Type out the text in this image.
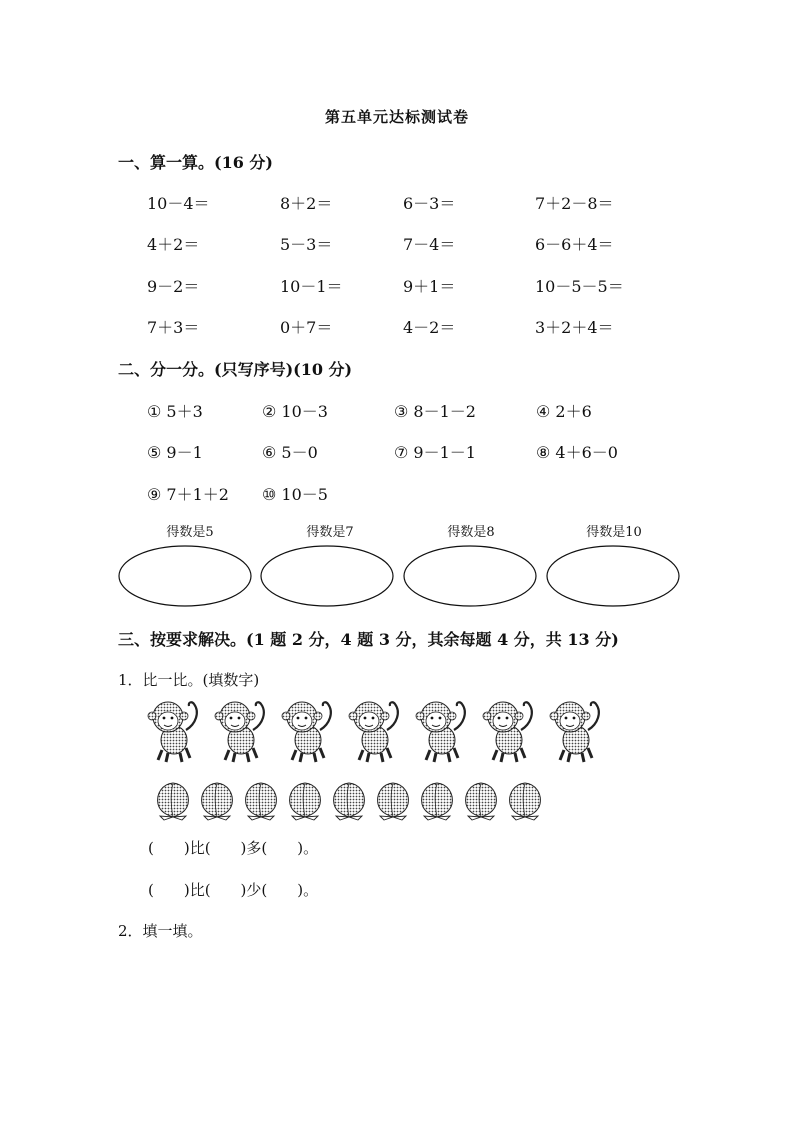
第五单元达标测试卷
一、算一算。(16 分)
10－4＝	8＋2＝	6－3＝	7＋2－8＝
4＋2＝	5－3＝	7－4＝	6－6＋4＝
9－2＝	10－1＝	9＋1＝	10－5－5＝
7＋3＝	0＋7＝	4－2＝	3＋2＋4＝
二、分一分。(只写序号)(10 分)
① 5＋3	② 10－3	③ 8－1－2	④ 2＋6
⑤ 9－1	⑥ 5－0	⑦ 9－1－1	⑧ 4＋6－0
⑨ 7＋1＋2 ⑩ 10－5
得数是5	得数是7	得数是8	得数是10
三、按要求解决。(1 题 2 分，4 题 3 分，其余每题 4 分，共 13 分)
1．比一比。(填数字)
(　　)比(　　)多(　　)。
(　　)比(　　)少(　　)。
2．填一填。
